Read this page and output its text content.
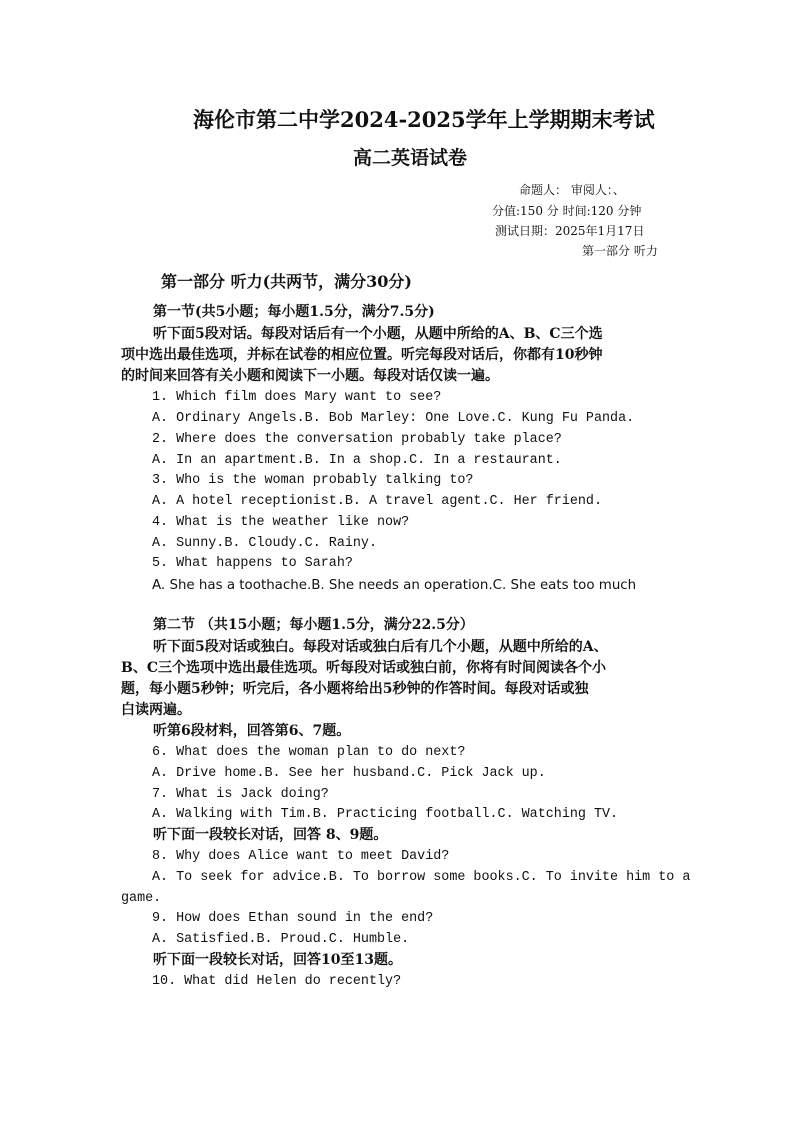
海伦市第二中学2024-2025学年上学期期末考试
高二英语试卷
命题人： 审阅人：、
分值:150 分 时间:120 分钟
测试日期：2025年1月17日
第一部分 听力
第一部分 听力(共两节，满分30分)
第一节(共5小题；每小题1.5分，满分7.5分)
听下面5段对话。每段对话后有一个小题，从题中所给的A、B、C三个选
项中选出最佳选项，并标在试卷的相应位置。听完每段对话后，你都有10秒钟
的时间来回答有关小题和阅读下一小题。每段对话仅读一遍。
1. Which film does Mary want to see?
A. Ordinary Angels.B. Bob Marley: One Love.C. Kung Fu Panda.
2. Where does the conversation probably take place?
A. In an apartment.B. In a shop.C. In a restaurant.
3. Who is the woman probably talking to?
A. A hotel receptionist.B. A travel agent.C. Her friend.
4. What is the weather like now?
A. Sunny.B. Cloudy.C. Rainy.
5. What happens to Sarah?
A. She has a toothache.B. She needs an operation.C. She eats too much
第二节 （共15小题；每小题1.5分，满分22.5分）
听下面5段对话或独白。每段对话或独白后有几个小题，从题中所给的A、
B、C三个选项中选出最佳选项。听每段对话或独白前，你将有时间阅读各个小
题，每小题5秒钟；听完后，各小题将给出5秒钟的作答时间。每段对话或独
白读两遍。
听第6段材料，回答第6、7题。
6. What does the woman plan to do next?
A. Drive home.B. See her husband.C. Pick Jack up.
7. What is Jack doing?
A. Walking with Tim.B. Practicing football.C. Watching TV.
听下面一段较长对话，回答 8、9题。
8. Why does Alice want to meet David?
A. To seek for advice.B. To borrow some books.C. To invite him to a
game.
9. How does Ethan sound in the end?
A. Satisfied.B. Proud.C. Humble.
听下面一段较长对话，回答10至13题。
10. What did Helen do recently?
